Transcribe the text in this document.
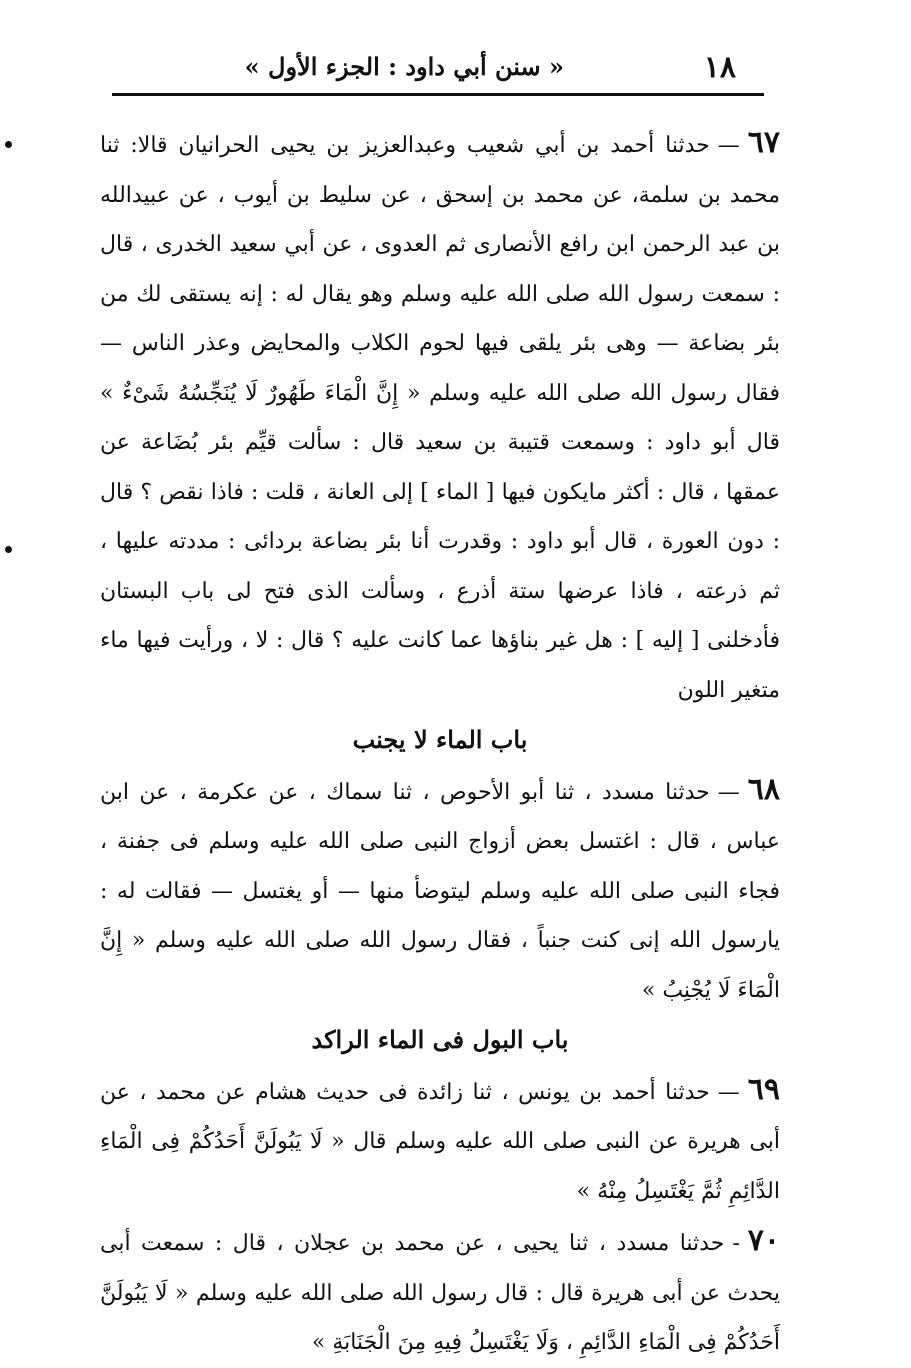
١٨
« سنن أبي داود : الجزء الأول »

٦٧—حدثنا أحمد بن أبي شعيب وعبدالعزيز بن يحيى الحرانيان قالا: ثنا محمد بن سلمة، عن محمد بن إسحق ، عن سليط بن أيوب ، عن عبيدالله بن عبد الرحمن ابن رافع الأنصارى ثم العدوى ، عن أبي سعيد الخدرى ، قال : سمعت رسول الله صلى الله عليه وسلم وهو يقال له : إنه يستقى لك من بئر بضاعة — وهى بئر يلقى فيها لحوم الكلاب والمحايض وعذر الناس — فقال رسول الله صلى الله عليه وسلم « إِنَّ الْمَاءَ طَهُورٌ لَا يُنَجِّسُهُ شَىْءٌ » قال أبو داود : وسمعت قتيبة بن سعيد قال : سألت قيِّم بئر بُضَاعة عن عمقها ، قال : أكثر مايكون فيها [ الماء ] إلى العانة ، قلت : فاذا نقص ؟ قال : دون العورة ، قال أبو داود : وقدرت أنا بئر بضاعة بردائى : مددته عليها ، ثم ذرعته ، فاذا عرضها ستة أذرع ، وسألت الذى فتح لى باب البستان فأدخلنى [ إليه ] : هل غير بناؤها عما كانت عليه ؟ قال : لا ، ورأيت فيها ماء متغير اللون

باب الماء لا يجنب

٦٨—حدثنا مسدد ، ثنا أبو الأحوص ، ثنا سماك ، عن عكرمة ، عن ابن عباس ، قال : اغتسل بعض أزواج النبى صلى الله عليه وسلم فى جفنة ، فجاء النبى صلى الله عليه وسلم ليتوضأ منها — أو يغتسل — فقالت له : يارسول الله إنى كنت جنباً ، فقال رسول الله صلى الله عليه وسلم « إِنَّ الْمَاءَ لَا يُجْنِبُ »

باب البول فى الماء الراكد

٦٩—حدثنا أحمد بن يونس ، ثنا زائدة فى حديث هشام عن محمد ، عن أبى هريرة عن النبى صلى الله عليه وسلم قال « لَا يَبُولَنَّ أَحَدُكُمْ فِى الْمَاءِ الدَّائِمِ ثُمَّ يَغْتَسِلُ مِنْهُ »

٧٠-حدثنا مسدد ، ثنا يحيى ، عن محمد بن عجلان ، قال : سمعت أبى يحدث عن أبى هريرة قال : قال رسول الله صلى الله عليه وسلم « لَا يَبُولَنَّ أَحَدُكُمْ فِى الْمَاءِ الدَّائِمِ ، وَلَا يَغْتَسِلُ فِيهِ مِنَ الْجَنَابَةِ »
